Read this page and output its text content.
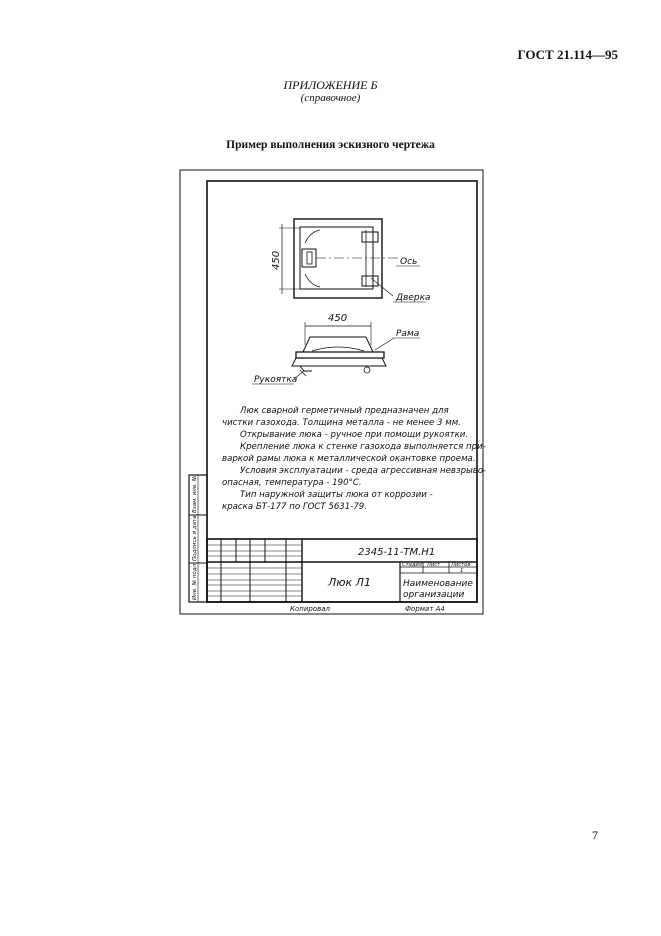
ГОСТ 21.114—95
ПРИЛОЖЕНИЕ Б
(справочное)
Пример выполнения эскизного чертежа
450	Ось
Дверка
450
Рама
Рукоятка
Люк сварной герметичный предназначен для
чистки газохода. Толщина металла - не менее 3 мм.
Открывание люка - ручное при помощи рукоятки.
Крепление люка к стенке газохода выполняется при-
варкой рамы люка к металлической окантовке проема.
Условия эксплуатации - среда агрессивная невзрыво-
опасная, температура - 190°С.
Тип наружной защиты люка от коррозии -
краска БТ-177 по ГОСТ 5631-79.
Взам. инв. №
Подпись и дата
Инв. № подл.
2345-11-ТМ.Н1
Люк Л1
Стадия Лист Листов
1
Наименование
организации
Копировал	Формат А4
7
